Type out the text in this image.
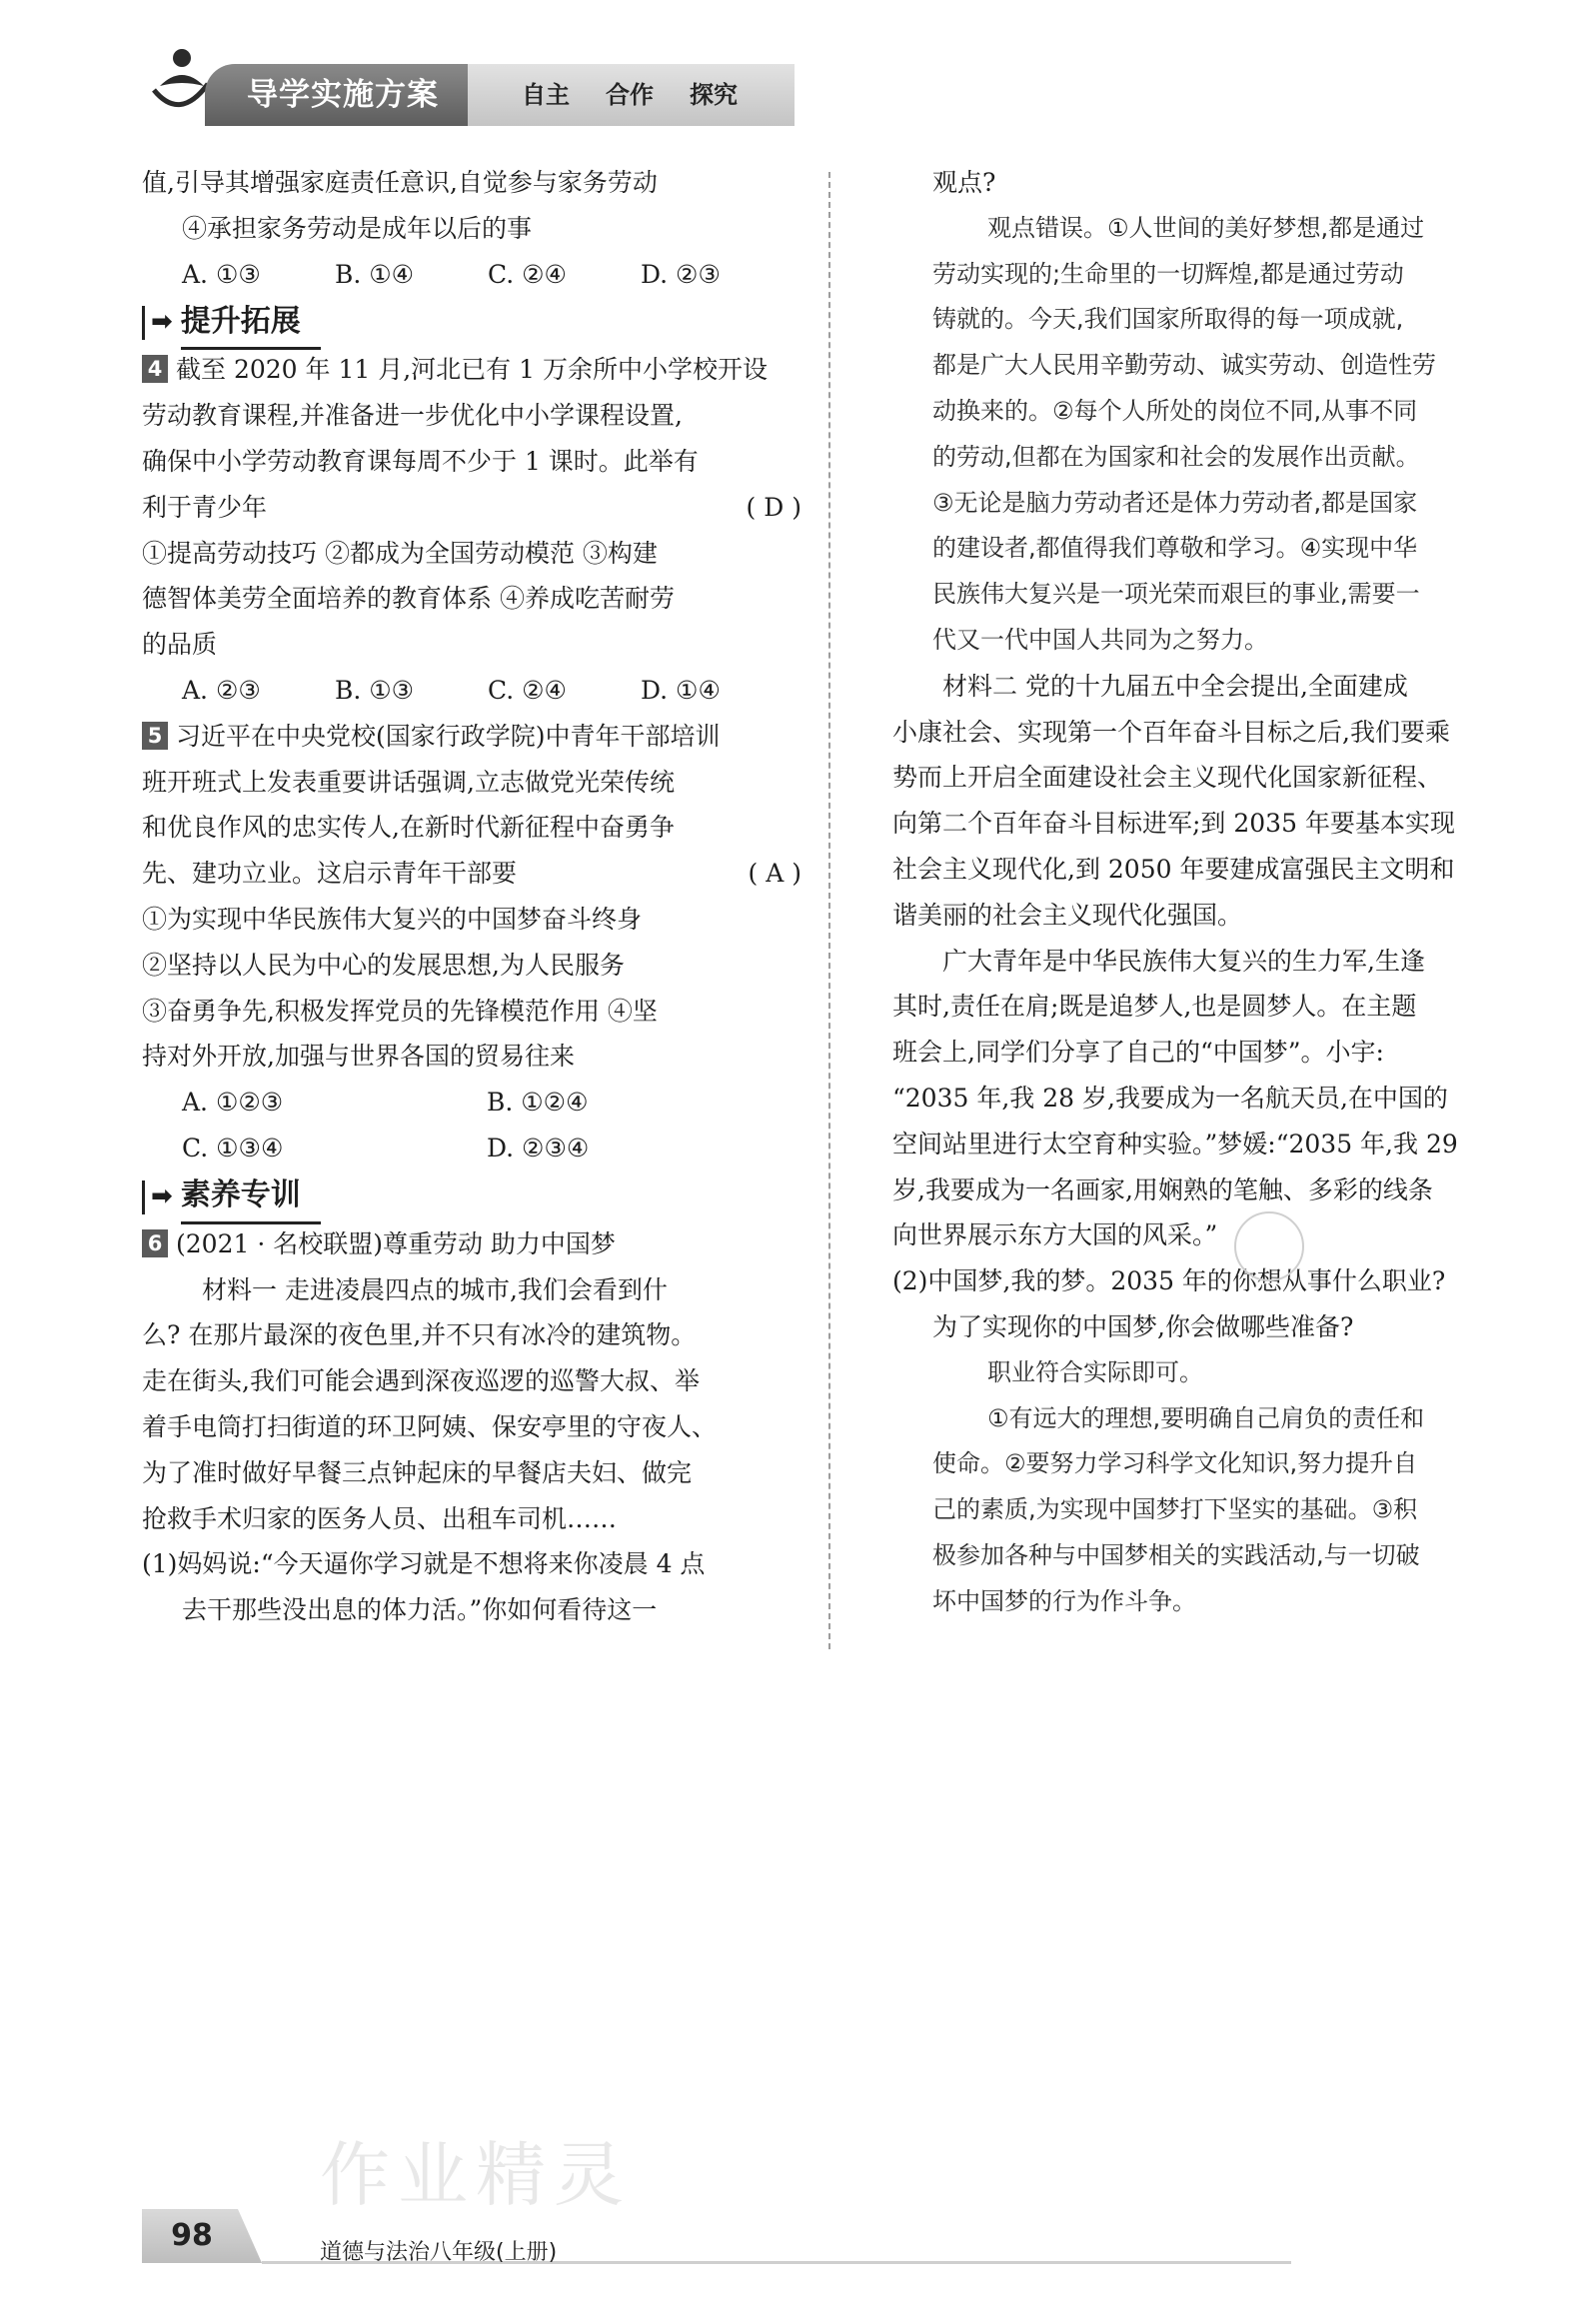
导学实施方案	自主 合作 探究
值,引导其增强家庭责任意识,自觉参与家务劳动
④承担家务劳动是成年以后的事
A. ①③	B. ①④	C. ②④	D. ②③
➡ 提升拓展
4 截至 2020 年 11 月,河北已有 1 万余所中小学校开设
劳动教育课程,并准备进一步优化中小学课程设置,
确保中小学劳动教育课每周不少于 1 课时。此举有
利于青少年	( D )
①提高劳动技巧 ②都成为全国劳动模范 ③构建
德智体美劳全面培养的教育体系 ④养成吃苦耐劳
的品质
A. ②③	B. ①③	C. ②④	D. ①④
5 习近平在中央党校(国家行政学院)中青年干部培训
班开班式上发表重要讲话强调,立志做党光荣传统
和优良作风的忠实传人,在新时代新征程中奋勇争
先、建功立业。这启示青年干部要	( A )
①为实现中华民族伟大复兴的中国梦奋斗终身
②坚持以人民为中心的发展思想,为人民服务
③奋勇争先,积极发挥党员的先锋模范作用 ④坚
持对外开放,加强与世界各国的贸易往来
A. ①②③	B. ①②④
C. ①③④	D. ②③④
➡ 素养专训
6 (2021 · 名校联盟)尊重劳动 助力中国梦
材料一 走进凌晨四点的城市,我们会看到什
么? 在那片最深的夜色里,并不只有冰冷的建筑物。
走在街头,我们可能会遇到深夜巡逻的巡警大叔、举
着手电筒打扫街道的环卫阿姨、保安亭里的守夜人、
为了准时做好早餐三点钟起床的早餐店夫妇、做完
抢救手术归家的医务人员、出租车司机……
(1)妈妈说:“今天逼你学习就是不想将来你凌晨 4 点
去干那些没出息的体力活。”你如何看待这一
观点?
观点错误。①人世间的美好梦想,都是通过
劳动实现的;生命里的一切辉煌,都是通过劳动
铸就的。今天,我们国家所取得的每一项成就,
都是广大人民用辛勤劳动、诚实劳动、创造性劳
动换来的。②每个人所处的岗位不同,从事不同
的劳动,但都在为国家和社会的发展作出贡献。
③无论是脑力劳动者还是体力劳动者,都是国家
的建设者,都值得我们尊敬和学习。④实现中华
民族伟大复兴是一项光荣而艰巨的事业,需要一
代又一代中国人共同为之努力。
材料二 党的十九届五中全会提出,全面建成
小康社会、实现第一个百年奋斗目标之后,我们要乘
势而上开启全面建设社会主义现代化国家新征程、
向第二个百年奋斗目标进军;到 2035 年要基本实现
社会主义现代化,到 2050 年要建成富强民主文明和
谐美丽的社会主义现代化强国。
广大青年是中华民族伟大复兴的生力军,生逢
其时,责任在肩;既是追梦人,也是圆梦人。在主题
班会上,同学们分享了自己的“中国梦”。小宇:
“2035 年,我 28 岁,我要成为一名航天员,在中国的
空间站里进行太空育种实验。”梦媛:“2035 年,我 29
岁,我要成为一名画家,用娴熟的笔触、多彩的线条
向世界展示东方大国的风采。”
(2)中国梦,我的梦。2035 年的你想从事什么职业?
为了实现你的中国梦,你会做哪些准备?
职业符合实际即可。
①有远大的理想,要明确自己肩负的责任和
使命。②要努力学习科学文化知识,努力提升自
己的素质,为实现中国梦打下坚实的基础。③积
极参加各种与中国梦相关的实践活动,与一切破
坏中国梦的行为作斗争。
作业精灵
98	道德与法治八年级(上册)
